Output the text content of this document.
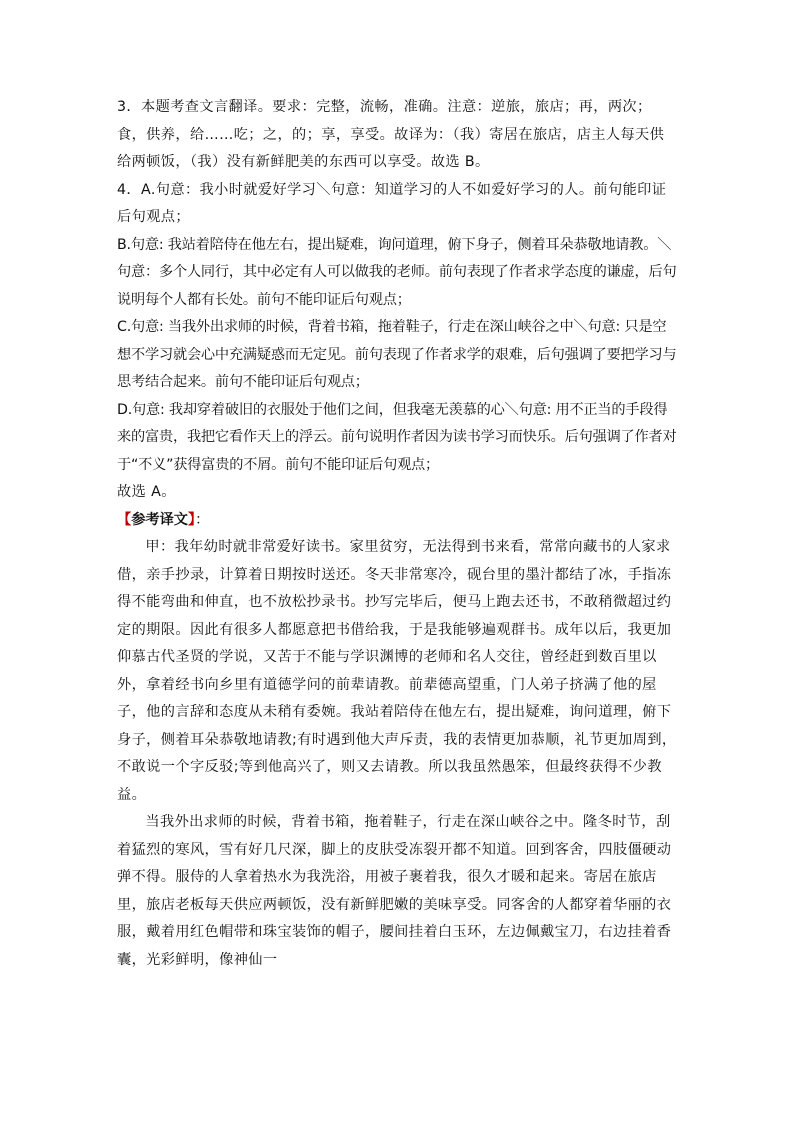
3．本题考查文言翻译。要求：完整，流畅，准确。注意：逆旅，旅店；再，两次；食，供养，给……吃；之，的；享，享受。故译为：（我）寄居在旅店，店主人每天供给两顿饭，（我）没有新鲜肥美的东西可以享受。故选 B。

4．A.句意：我小时就爱好学习＼句意：知道学习的人不如爱好学习的人。前句能印证后句观点；

B.句意: 我站着陪侍在他左右，提出疑难，询问道理，俯下身子，侧着耳朵恭敬地请教。＼句意：多个人同行，其中必定有人可以做我的老师。前句表现了作者求学态度的谦虚，后句说明每个人都有长处。前句不能印证后句观点；

C.句意: 当我外出求师的时候，背着书箱，拖着鞋子，行走在深山峡谷之中＼句意: 只是空想不学习就会心中充满疑惑而无定见。前句表现了作者求学的艰难，后句强调了要把学习与思考结合起来。前句不能印证后句观点；

D.句意: 我却穿着破旧的衣服处于他们之间，但我毫无羡慕的心＼句意: 用不正当的手段得来的富贵，我把它看作天上的浮云。前句说明作者因为读书学习而快乐。后句强调了作者对于“不义”获得富贵的不屑。前句不能印证后句观点；

故选 A。

【参考译文】：

甲：我年幼时就非常爱好读书。家里贫穷，无法得到书来看，常常向藏书的人家求借，亲手抄录，计算着日期按时送还。冬天非常寒冷，砚台里的墨汁都结了冰，手指冻得不能弯曲和伸直，也不放松抄录书。抄写完毕后，便马上跑去还书，不敢稍微超过约定的期限。因此有很多人都愿意把书借给我，于是我能够遍观群书。成年以后，我更加仰慕古代圣贤的学说，又苦于不能与学识渊博的老师和名人交往，曾经赶到数百里以外，拿着经书向乡里有道德学问的前辈请教。前辈德高望重，门人弟子挤满了他的屋子，他的言辞和态度从未稍有委婉。我站着陪侍在他左右，提出疑难，询问道理，俯下身子，侧着耳朵恭敬地请教;有时遇到他大声斥责，我的表情更加恭顺，礼节更加周到，不敢说一个字反驳;等到他高兴了，则又去请教。所以我虽然愚笨，但最终获得不少教益。

当我外出求师的时候，背着书箱，拖着鞋子，行走在深山峡谷之中。隆冬时节，刮着猛烈的寒风，雪有好几尺深，脚上的皮肤受冻裂开都不知道。回到客舍，四肢僵硬动弹不得。服侍的人拿着热水为我洗浴，用被子裹着我，很久才暖和起来。寄居在旅店里，旅店老板每天供应两顿饭，没有新鲜肥嫩的美味享受。同客舍的人都穿着华丽的衣服，戴着用红色帽带和珠宝装饰的帽子，腰间挂着白玉环，左边佩戴宝刀，右边挂着香囊，光彩鲜明，像神仙一
